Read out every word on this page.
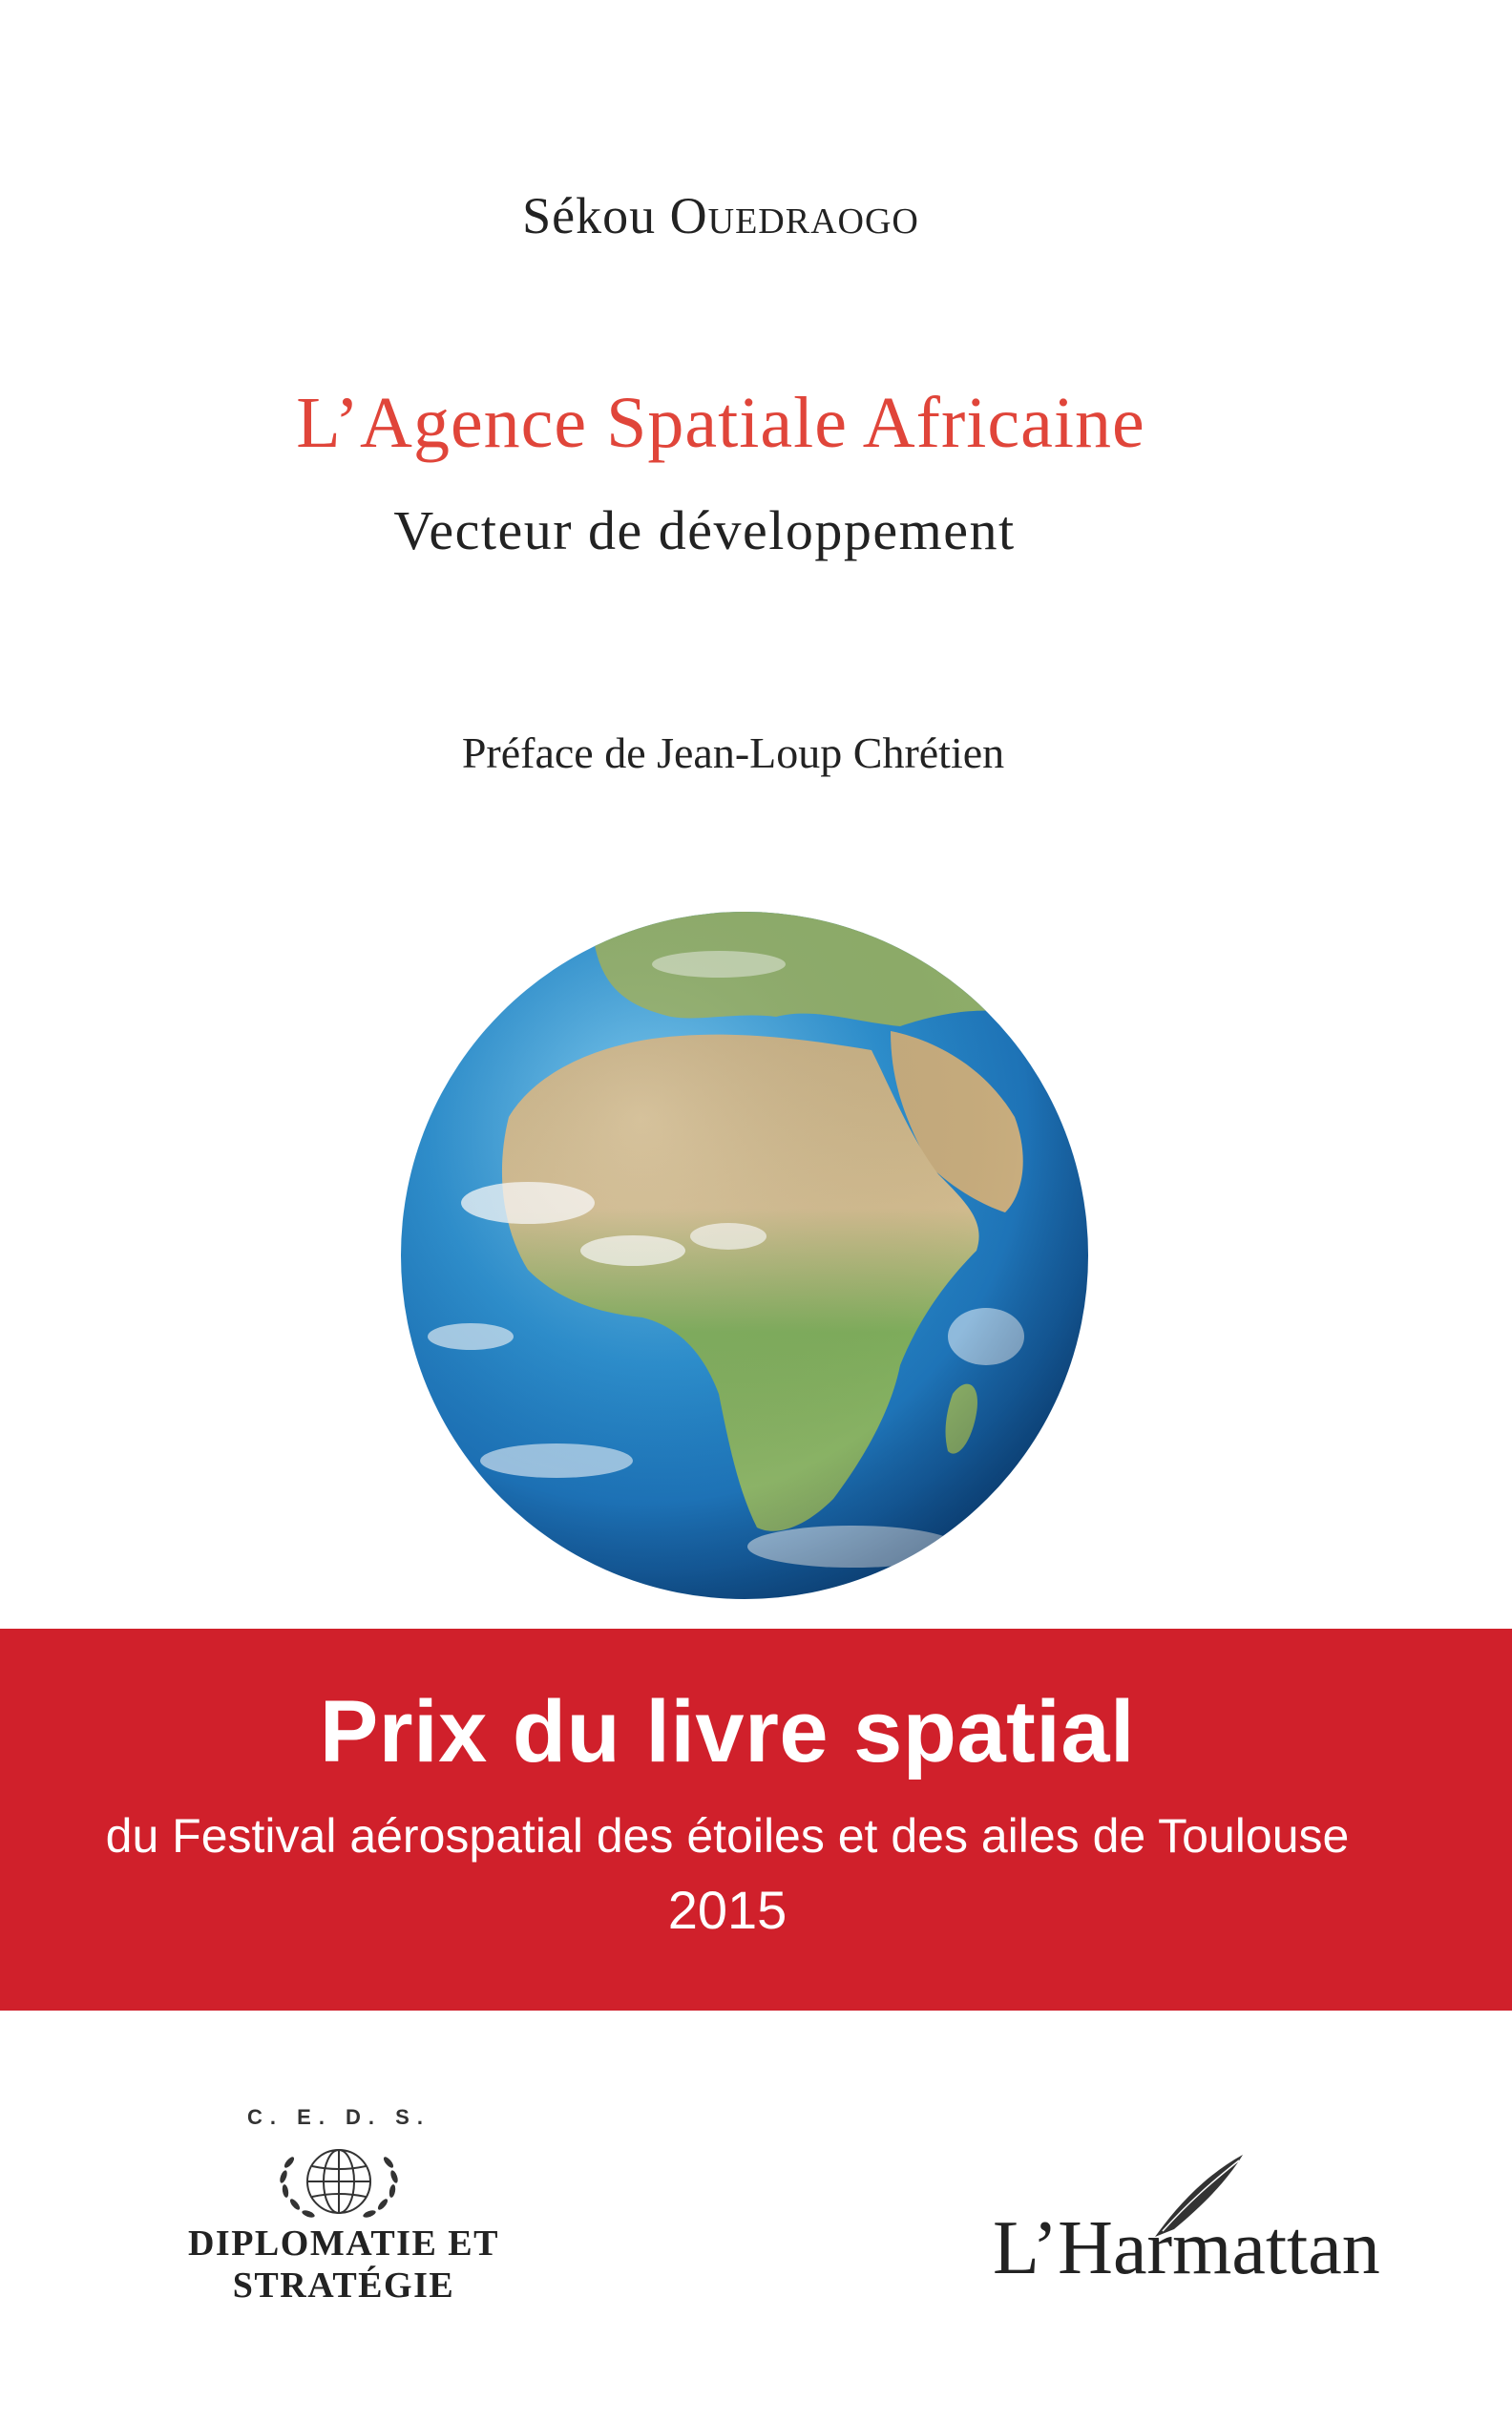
Sékou Ouedraogo
L’Agence Spatiale Africaine
Vecteur de développement
Préface de Jean-Loup Chrétien
Prix du livre spatial
du Festival aérospatial des étoiles et des ailes de Toulouse
2015
C. E. D. S.
DIPLOMATIE ET STRATÉGIE	L’Harmattan
